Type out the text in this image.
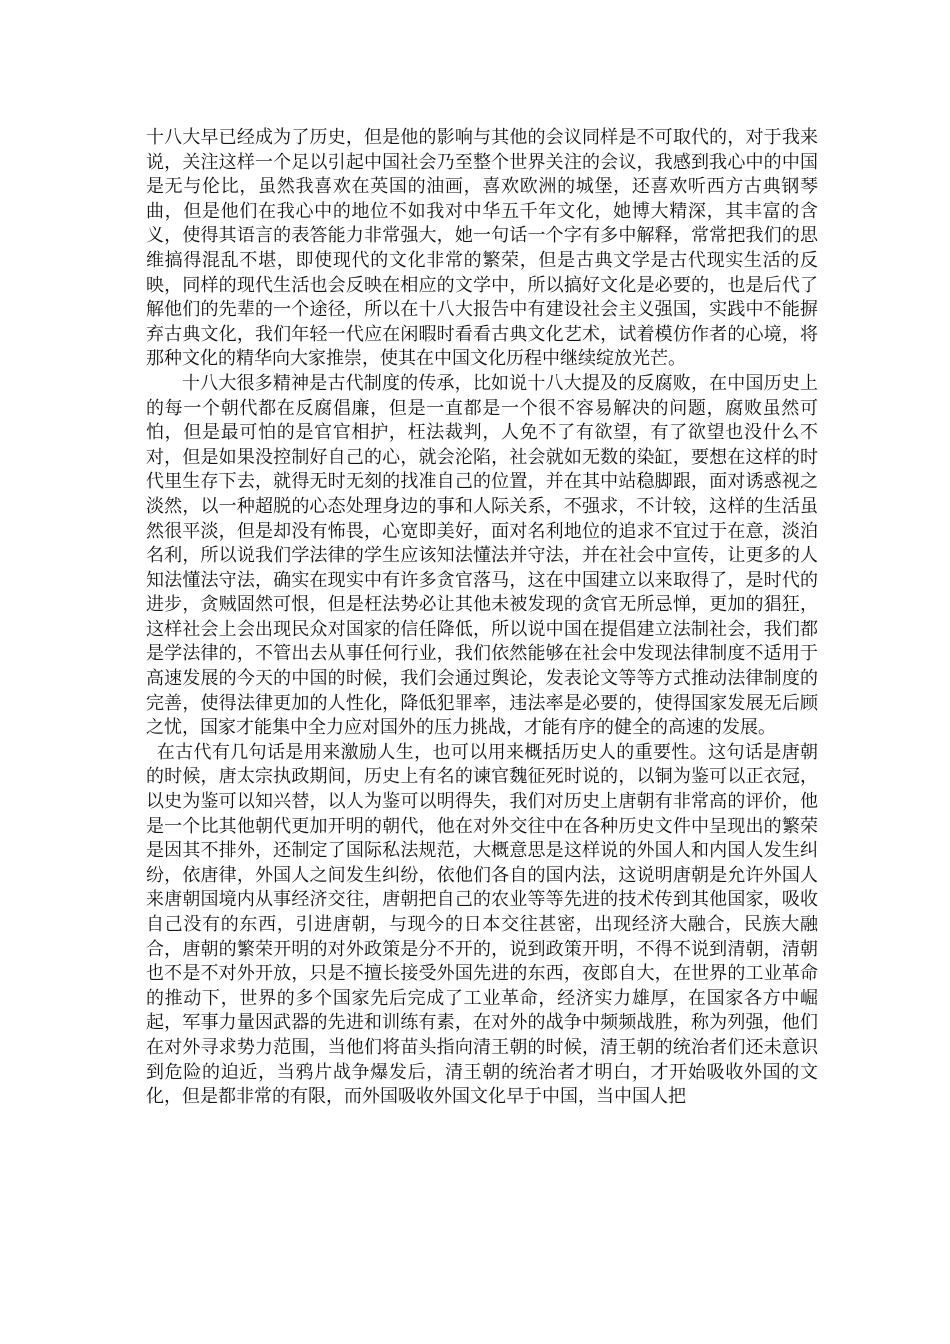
十八大早已经成为了历史，但是他的影响与其他的会议同样是不可取代的，对于我来说，关注这样一个足以引起中国社会乃至整个世界关注的会议，我感到我心中的中国是无与伦比，虽然我喜欢在英国的油画，喜欢欧洲的城堡，还喜欢听西方古典钢琴曲，但是他们在我心中的地位不如我对中华五千年文化，她博大精深，其丰富的含义，使得其语言的表答能力非常强大，她一句话一个字有多中解释，常常把我们的思维搞得混乱不堪，即使现代的文化非常的繁荣，但是古典文学是古代现实生活的反映，同样的现代生活也会反映在相应的文学中，所以搞好文化是必要的，也是后代了解他们的先辈的一个途径，所以在十八大报告中有建设社会主义强国，实践中不能摒弃古典文化，我们年轻一代应在闲暇时看看古典文化艺术，试着模仿作者的心境，将那种文化的精华向大家推崇，使其在中国文化历程中继续绽放光芒。

十八大很多精神是古代制度的传承，比如说十八大提及的反腐败，在中国历史上的每一个朝代都在反腐倡廉，但是一直都是一个很不容易解决的问题，腐败虽然可怕，但是最可怕的是官官相护，枉法裁判，人免不了有欲望，有了欲望也没什么不对，但是如果没控制好自己的心，就会沦陷，社会就如无数的染缸，要想在这样的时代里生存下去，就得无时无刻的找准自己的位置，并在其中站稳脚跟，面对诱惑视之淡然，以一种超脱的心态处理身边的事和人际关系，不强求，不计较，这样的生活虽然很平淡，但是却没有怖畏，心宽即美好，面对名利地位的追求不宜过于在意，淡泊名利，所以说我们学法律的学生应该知法懂法并守法，并在社会中宣传，让更多的人知法懂法守法，确实在现实中有许多贪官落马，这在中国建立以来取得了，是时代的进步，贪贼固然可恨，但是枉法势必让其他未被发现的贪官无所忌惮，更加的猖狂，这样社会上会出现民众对国家的信任降低，所以说中国在提倡建立法制社会，我们都是学法律的，不管出去从事任何行业，我们依然能够在社会中发现法律制度不适用于高速发展的今天的中国的时候，我们会通过舆论，发表论文等等方式推动法律制度的完善，使得法律更加的人性化，降低犯罪率，违法率是必要的，使得国家发展无后顾之忧，国家才能集中全力应对国外的压力挑战，才能有序的健全的高速的发展。

在古代有几句话是用来激励人生，也可以用来概括历史人的重要性。这句话是唐朝的时候，唐太宗执政期间，历史上有名的谏官魏征死时说的，以铜为鉴可以正衣冠，以史为鉴可以知兴替，以人为鉴可以明得失，我们对历史上唐朝有非常高的评价，他是一个比其他朝代更加开明的朝代，他在对外交往中在各种历史文件中呈现出的繁荣是因其不排外，还制定了国际私法规范，大概意思是这样说的外国人和内国人发生纠纷，依唐律，外国人之间发生纠纷，依他们各自的国内法，这说明唐朝是允许外国人来唐朝国境内从事经济交往，唐朝把自己的农业等等先进的技术传到其他国家，吸收自己没有的东西，引进唐朝，与现今的日本交往甚密，出现经济大融合，民族大融合，唐朝的繁荣开明的对外政策是分不开的，说到政策开明，不得不说到清朝，清朝也不是不对外开放，只是不擅长接受外国先进的东西，夜郎自大，在世界的工业革命的推动下，世界的多个国家先后完成了工业革命，经济实力雄厚，在国家各方中崛起，军事力量因武器的先进和训练有素，在对外的战争中频频战胜，称为列强，他们在对外寻求势力范围，当他们将苗头指向清王朝的时候，清王朝的统治者们还未意识到危险的迫近，当鸦片战争爆发后，清王朝的统治者才明白，才开始吸收外国的文化，但是都非常的有限，而外国吸收外国文化早于中国，当中国人把
